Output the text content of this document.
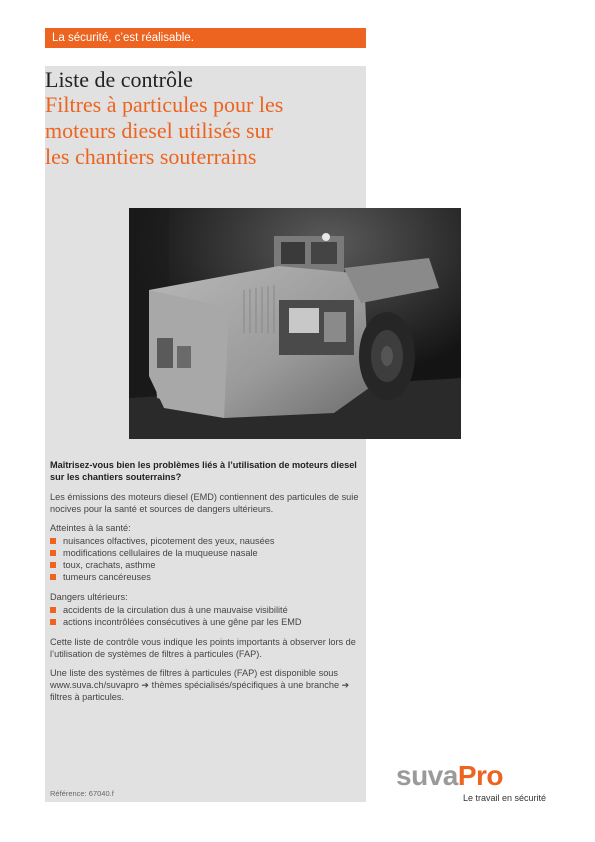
La sécurité, c’est réalisable.
Liste de contrôle
Filtres à particules pour les
moteurs diesel utilisés sur
les chantiers souterrains

Maîtrisez-vous bien les problèmes liés à l’utilisation de moteurs diesel sur les chantiers souterrains?

Les émissions des moteurs diesel (EMD) contiennent des particules de suie nocives pour la santé et sources de dangers ultérieurs.

Atteintes à la santé:

nuisances olfactives, picotement des yeux, nausées
modifications cellulaires de la muqueuse nasale
toux, crachats, asthme
tumeurs cancéreuses

Dangers ultérieurs:

accidents de la circulation dus à une mauvaise visibilité
actions incontrôlées consécutives à une gêne par les EMD

Cette liste de contrôle vous indique les points importants à observer lors de l’utilisation de systèmes de filtres à particules (FAP).

Une liste des systèmes de filtres à particules (FAP) est disponible sous www.suva.ch/suvapro ➔ thèmes spécialisés/spécifiques à une branche ➔ filtres à particules.

Référence: 67040.f
suvaPro
Le travail en sécurité
